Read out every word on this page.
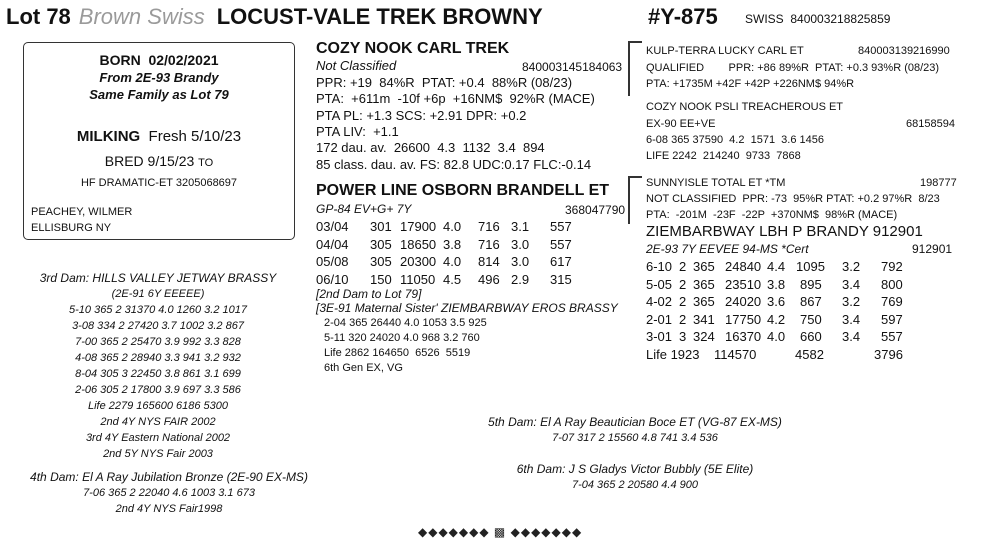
Lot 78 Brown Swiss LOCUST-VALE TREK BROWNY	#Y-875 SWISS  840003218825859
BORN  02/02/2021
From 2E-93 Brandy
Same Family as Lot 79
MILKING Fresh 5/10/23
BRED 9/15/23 TO
HF DRAMATIC-ET 3205068697
PEACHEY, WILMER
ELLISBURG NY
COZY NOOK CARL TREK
Not Classified	840003145184063
PPR: +19  84%R  PTAT: +0.4  88%R (08/23)
PTA:  +611m  -10f +6p  +16NM$  92%R (MACE)
PTA PL: +1.3 SCS: +2.91 DPR: +0.2
PTA LIV:  +1.1
172 dau. av.  26600  4.3  1132  3.4  894
85 class. dau. av. FS: 82.8 UDC:0.17 FLC:-0.14
POWER LINE OSBORN BRANDELL ET
GP-84 EV+G+ 7Y	368047790
03/04 301 17900 4.0 716 3.1 557
04/04 305 18650 3.8 716 3.0 557
05/08 305 20300 4.0 814 3.0 617
06/10 150 11050 4.5 496 2.9 315
[2nd Dam to Lot 79]
[3E-91 Maternal Sister' ZIEMBARBWAY EROS BRASSY
2-04 365 26440 4.0 1053 3.5 925
5-11 320 24020 4.0 968 3.2 760
Life 2862 164650  6526  5519
6th Gen EX, VG
KULP-TERRA LUCKY CARL ET	840003139216990
QUALIFIED        PPR: +86 89%R  PTAT: +0.3 93%R (08/23)
PTA: +1735M +42F +42P +226NM$ 94%R
COZY NOOK PSLI TREACHEROUS ET
EX-90 EE+VE	68158594
6-08 365 37590  4.2  1571  3.6 1456
LIFE 2242  214240  9733  7868
SUNNYISLE TOTAL ET *TM	198777
NOT CLASSIFIED  PPR: -73  95%R PTAT: +0.2 97%R  8/23
PTA:  -201M  -23F  -22P  +370NM$  98%R (MACE)
ZIEMBARBWAY LBH P BRANDY 912901
2E-93 7Y EEVEE 94-MS *Cert	912901
6-10 2 365 24840 4.4 1095 3.2 792
5-05 2 365 23510 3.8 895 3.4 800
4-02 2 365 24020 3.6 867 3.2 769
2-01 2 341 17750 4.2 750 3.4 597
3-01 3 324 16370 4.0 660 3.4 557
Life 1923 114570	4582	3796
3rd Dam: HILLS VALLEY JETWAY BRASSY
(2E-91 6Y EEEEE)
5-10 365 2 31370 4.0 1260 3.2 1017
3-08 334 2 27420 3.7 1002 3.2 867
7-00 365 2 25470 3.9 992 3.3 828
4-08 365 2 28940 3.3 941 3.2 932
8-04 305 3 22450 3.8 861 3.1 699
2-06 305 2 17800 3.9 697 3.3 586
Life 2279 165600 6186 5300
2nd 4Y NYS FAIR 2002
3rd 4Y Eastern National 2002
2nd 5Y NYS Fair 2003
4th Dam: El A Ray Jubilation Bronze (2E-90 EX-MS)
7-06 365 2 22040 4.6 1003 3.1 673
2nd 4Y NYS Fair1998
5th Dam: El A Ray Beautician Boce ET (VG-87 EX-MS)
7-07 317 2 15560 4.8 741 3.4 536
6th Dam: J S Gladys Victor Bubbly (5E Elite)
7-04 365 2 20580 4.4 900
◆◆◆◆◆◆◆ ▩ ◆◆◆◆◆◆◆
